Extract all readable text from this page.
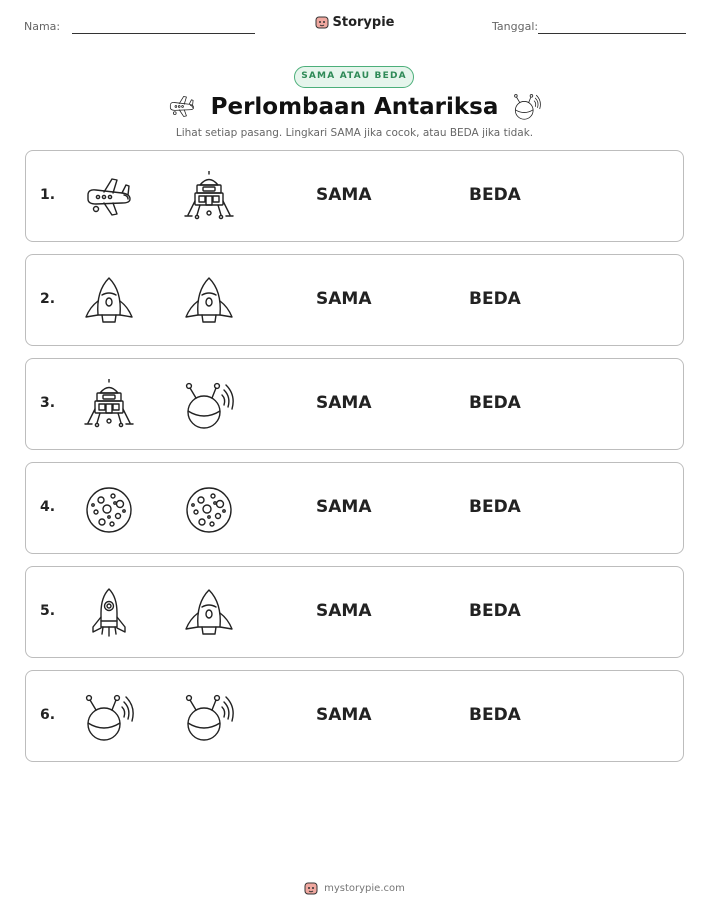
Nama:	Storypie	Tanggal:
SAMA ATAU BEDA
Perlombaan Antariksa
Lihat setiap pasang. Lingkari SAMA jika cocok, atau BEDA jika tidak.
1.	SAMA	BEDA
2.	SAMA	BEDA
3.	SAMA	BEDA
4.	SAMA	BEDA
5.	SAMA	BEDA
6.	SAMA	BEDA
mystorypie.com
